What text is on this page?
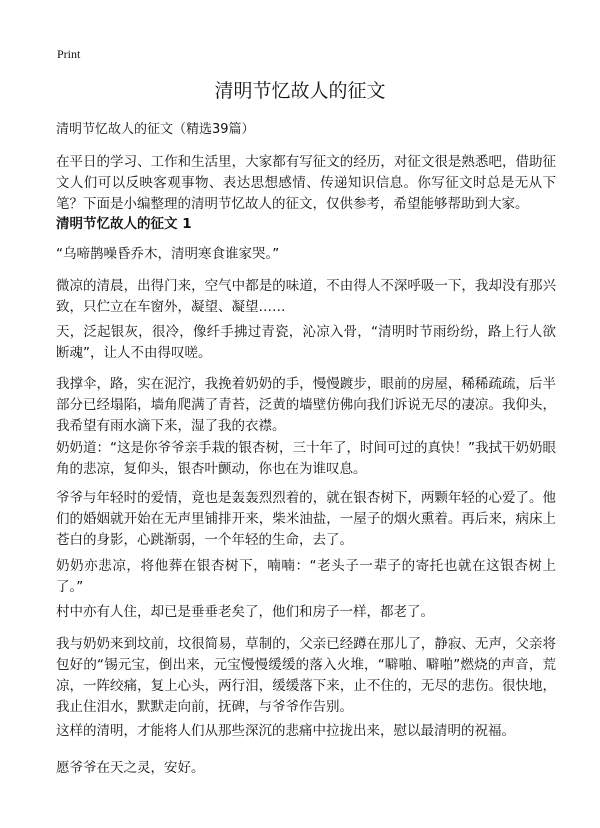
Print
清明节忆故人的征文
清明节忆故人的征文（精选39篇）
在平日的学习、工作和生活里，大家都有写征文的经历，对征文很是熟悉吧，借助征文人们可以反映客观事物、表达思想感情、传递知识信息。你写征文时总是无从下笔？下面是小编整理的清明节忆故人的征文，仅供参考，希望能够帮助到大家。
清明节忆故人的征文 1
“乌啼鹊噪昏乔木，清明寒食谁家哭。”
微凉的清晨，出得门来，空气中都是的味道，不由得人不深呼吸一下，我却没有那兴致，只伫立在车窗外，凝望、凝望……
天，泛起银灰，很冷，像纤手拂过青瓷，沁凉入骨，“清明时节雨纷纷，路上行人欲断魂”，让人不由得叹嗟。
我撑伞，路，实在泥泞，我挽着奶奶的手，慢慢踱步，眼前的房屋，稀稀疏疏，后半部分已经塌陷，墙角爬满了青苔，泛黄的墙壁仿佛向我们诉说无尽的凄凉。我仰头，我希望有雨水滴下来，湿了我的衣襟。
奶奶道：“这是你爷爷亲手栽的银杏树，三十年了，时间可过的真快！”我拭干奶奶眼角的悲凉，复仰头，银杏叶颤动，你也在为谁叹息。
爷爷与年轻时的爱情，竟也是轰轰烈烈着的，就在银杏树下，两颗年轻的心爱了。他们的婚姻就开始在无声里铺排开来，柴米油盐，一屋子的烟火熏着。再后来，病床上苍白的身影，心跳渐弱，一个年轻的生命，去了。
奶奶亦悲凉，将他葬在银杏树下，喃喃：“老头子一辈子的寄托也就在这银杏树上了。”
村中亦有人住，却已是垂垂老矣了，他们和房子一样，都老了。
我与奶奶来到坟前，坟很简易，草制的，父亲已经蹲在那儿了，静寂、无声，父亲将包好的“锡元宝，倒出来，元宝慢慢缓缓的落入火堆，“噼啪、噼啪”燃烧的声音，荒凉，一阵绞痛，复上心头，两行泪，缓缓落下来，止不住的，无尽的悲伤。很快地，我止住泪水，默默走向前，抚碑，与爷爷作告别。
这样的清明，才能将人们从那些深沉的悲痛中拉拢出来，慰以最清明的祝福。
愿爷爷在天之灵，安好。
